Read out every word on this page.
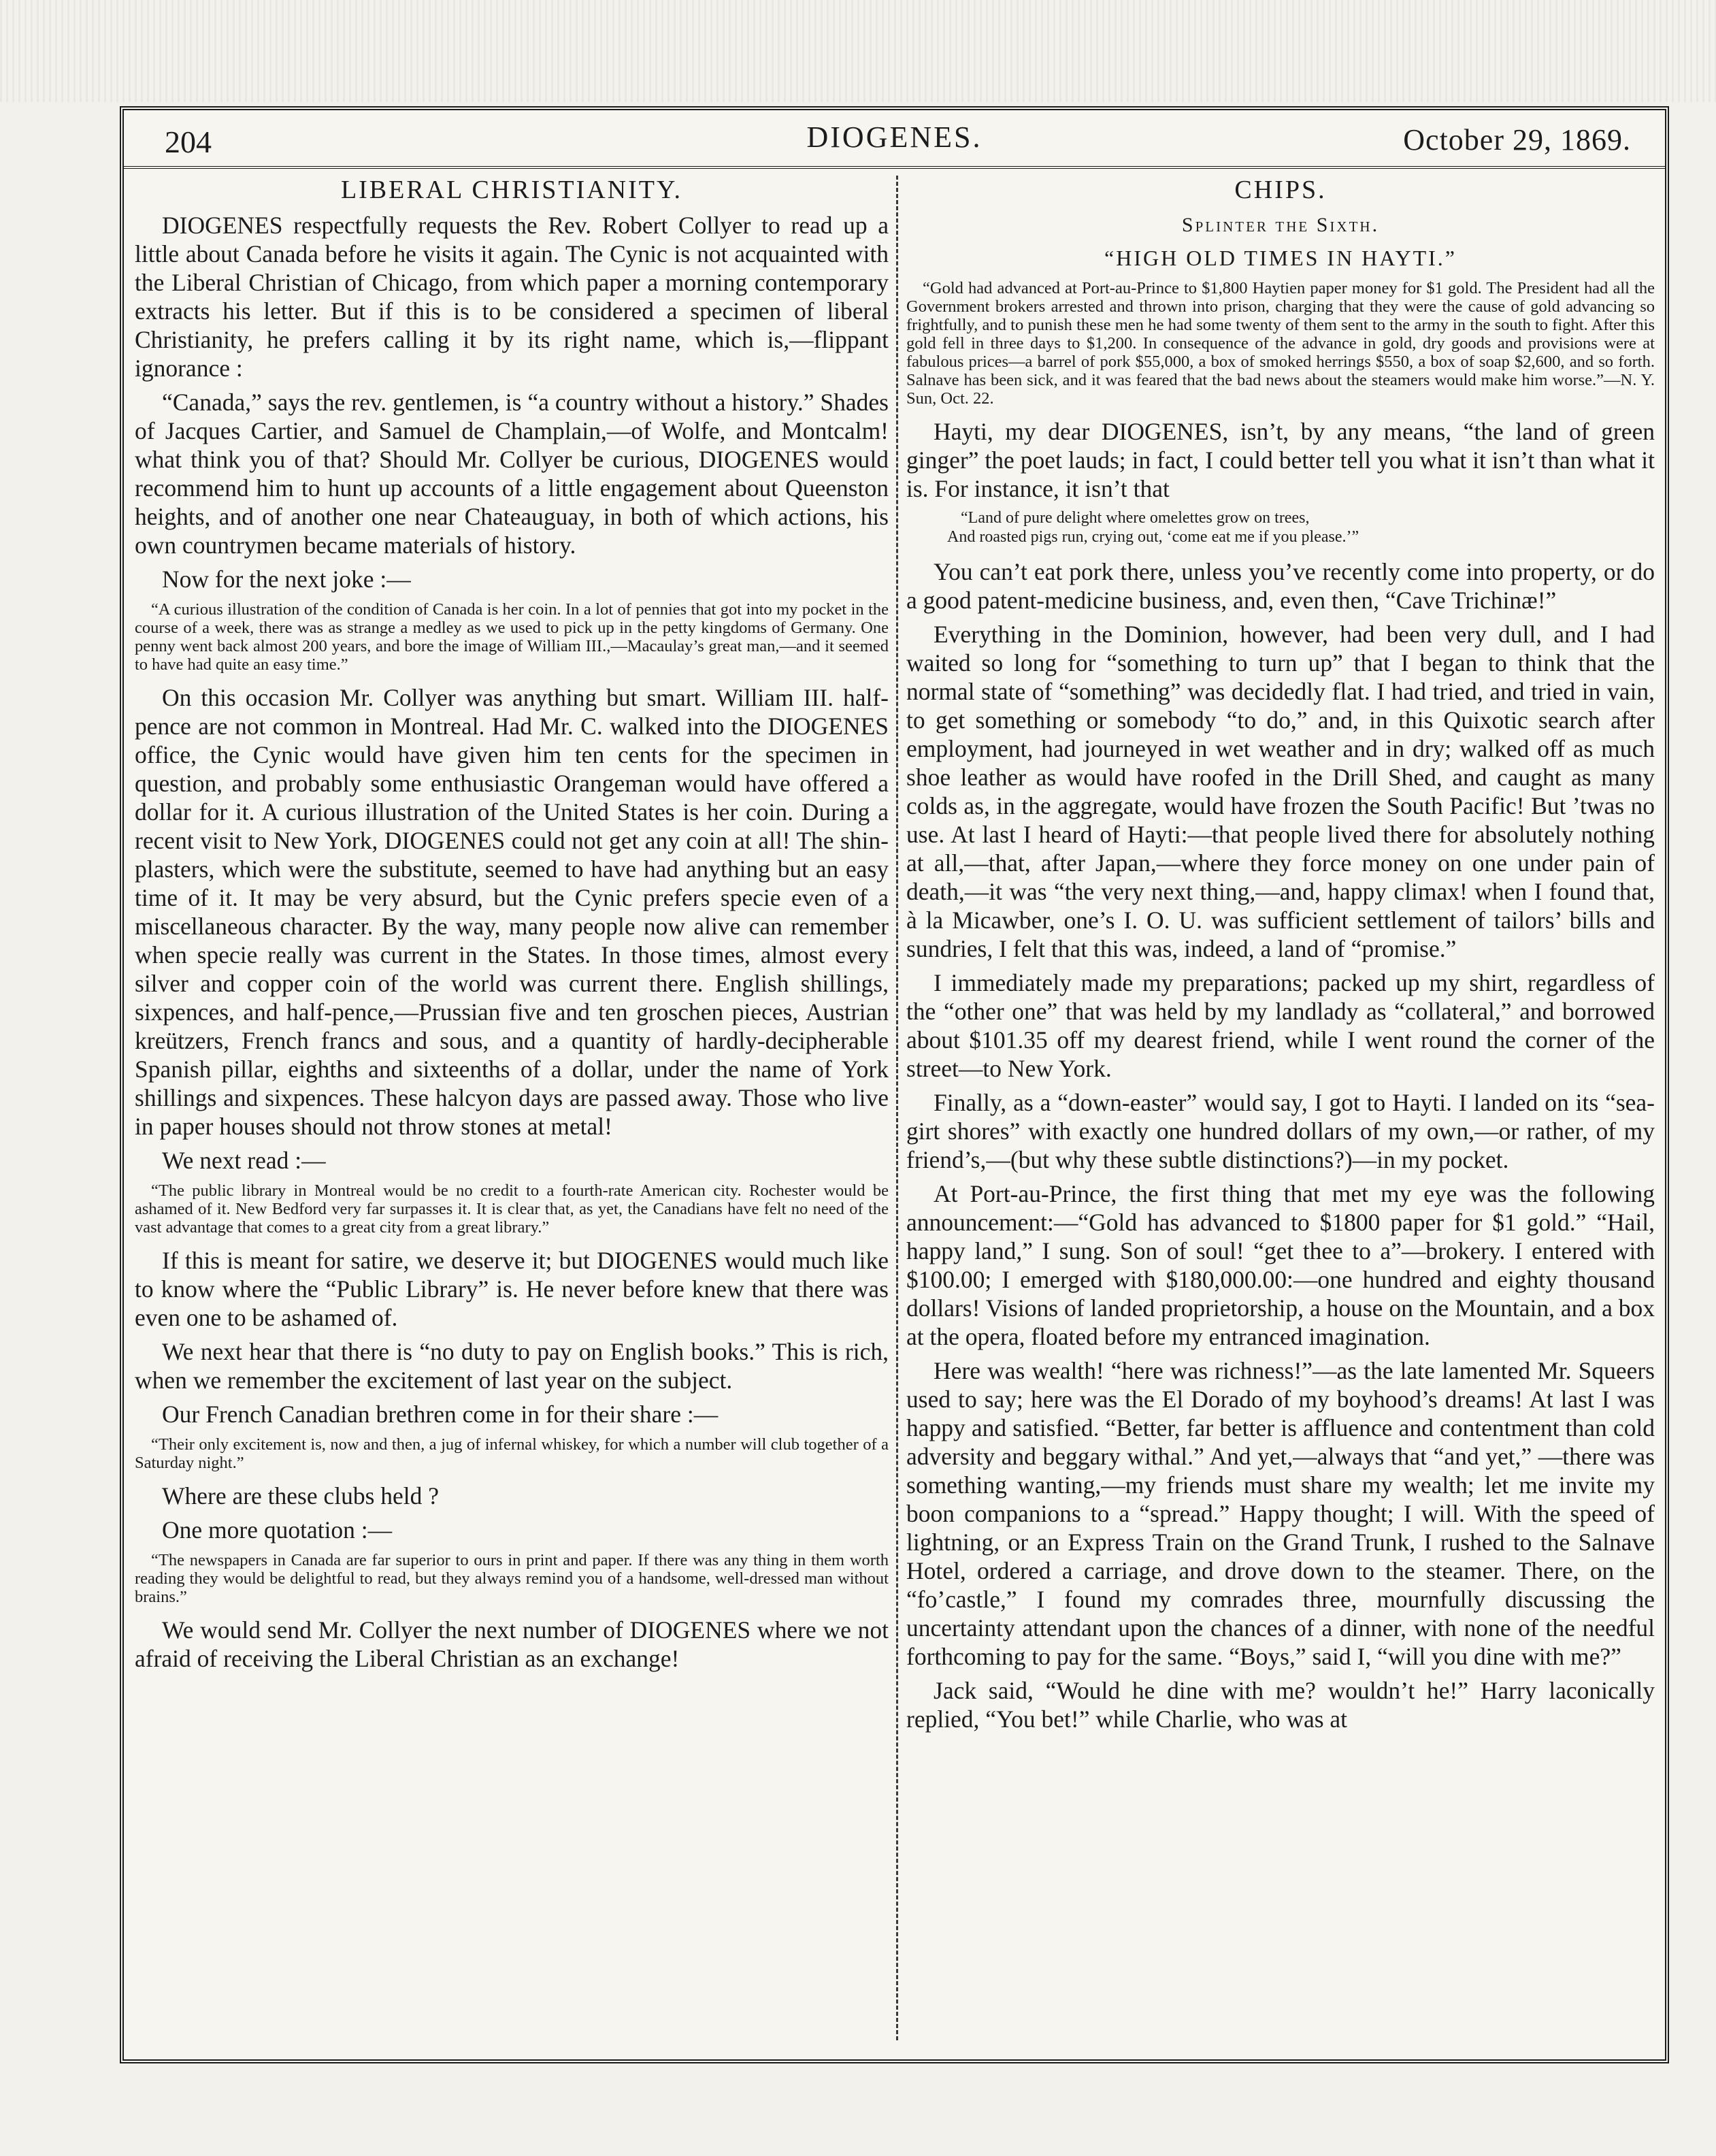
204	DIOGENES.	October 29, 1869.
LIBERAL CHRISTIANITY.

DIOGENES respectfully requests the Rev. Robert Collyer to read up a little about Canada before he visits it again. The Cynic is not acquainted with the Liberal Christian of Chicago, from which paper a morning contemporary extracts his letter. But if this is to be considered a specimen of liberal Christianity, he prefers calling it by its right name, which is,—flippant ignorance :

“Canada,” says the rev. gentlemen, is “a country without a history.” Shades of Jacques Cartier, and Samuel de Champlain,—of Wolfe, and Montcalm! what think you of that? Should Mr. Collyer be curious, DIOGENES would recommend him to hunt up accounts of a little engagement about Queenston heights, and of another one near Chateauguay, in both of which actions, his own countrymen became materials of history.

Now for the next joke :—

“A curious illustration of the condition of Canada is her coin. In a lot of pennies that got into my pocket in the course of a week, there was as strange a medley as we used to pick up in the petty kingdoms of Germany. One penny went back almost 200 years, and bore the image of William III.,—Macaulay’s great man,—and it seemed to have had quite an easy time.”

On this occasion Mr. Collyer was anything but smart. William III. half-pence are not common in Montreal. Had Mr. C. walked into the DIOGENES office, the Cynic would have given him ten cents for the specimen in question, and probably some enthusiastic Orangeman would have offered a dollar for it. A curious illustration of the United States is her coin. During a recent visit to New York, DIOGENES could not get any coin at all! The shin-plasters, which were the substitute, seemed to have had anything but an easy time of it. It may be very absurd, but the Cynic prefers specie even of a miscellaneous character. By the way, many people now alive can remember when specie really was current in the States. In those times, almost every silver and copper coin of the world was current there. English shillings, sixpences, and half-pence,—Prussian five and ten groschen pieces, Austrian kreützers, French francs and sous, and a quantity of hardly-decipherable Spanish pillar, eighths and sixteenths of a dollar, under the name of York shillings and sixpences. These halcyon days are passed away. Those who live in paper houses should not throw stones at metal!

We next read :—

“The public library in Montreal would be no credit to a fourth-rate American city. Rochester would be ashamed of it. New Bedford very far surpasses it. It is clear that, as yet, the Canadians have felt no need of the vast advantage that comes to a great city from a great library.”

If this is meant for satire, we deserve it; but DIOGENES would much like to know where the “Public Library” is. He never before knew that there was even one to be ashamed of.

We next hear that there is “no duty to pay on English books.” This is rich, when we remember the excitement of last year on the subject.

Our French Canadian brethren come in for their share :—

“Their only excitement is, now and then, a jug of infernal whiskey, for which a number will club together of a Saturday night.”

Where are these clubs held ?

One more quotation :—

“The newspapers in Canada are far superior to ours in print and paper. If there was any thing in them worth reading they would be delightful to read, but they always remind you of a handsome, well-dressed man without brains.”

We would send Mr. Collyer the next number of DIOGENES where we not afraid of receiving the Liberal Christian as an exchange!

CHIPS.
Splinter the Sixth.
“HIGH OLD TIMES IN HAYTI.”
“Gold had advanced at Port-au-Prince to $1,800 Haytien paper money for $1 gold. The President had all the Government brokers arrested and thrown into prison, charging that they were the cause of gold advancing so frightfully, and to punish these men he had some twenty of them sent to the army in the south to fight. After this gold fell in three days to $1,200. In consequence of the advance in gold, dry goods and provisions were at fabulous prices—a barrel of pork $55,000, a box of smoked herrings $550, a box of soap $2,600, and so forth. Salnave has been sick, and it was feared that the bad news about the steamers would make him worse.”—N. Y. Sun, Oct. 22.

Hayti, my dear DIOGENES, isn’t, by any means, “the land of green ginger” the poet lauds; in fact, I could better tell you what it isn’t than what it is. For instance, it isn’t that

“Land of pure delight where omelettes grow on trees,
And roasted pigs run, crying out, ‘come eat me if you please.’”

You can’t eat pork there, unless you’ve recently come into property, or do a good patent-medicine business, and, even then, “Cave Trichinæ!”

Everything in the Dominion, however, had been very dull, and I had waited so long for “something to turn up” that I began to think that the normal state of “something” was decidedly flat. I had tried, and tried in vain, to get something or somebody “to do,” and, in this Quixotic search after employment, had journeyed in wet weather and in dry; walked off as much shoe leather as would have roofed in the Drill Shed, and caught as many colds as, in the aggregate, would have frozen the South Pacific! But ’twas no use. At last I heard of Hayti:—that people lived there for absolutely nothing at all,—that, after Japan,—where they force money on one under pain of death,—it was “the very next thing,—and, happy climax! when I found that, à la Micawber, one’s I. O. U. was sufficient settlement of tailors’ bills and sundries, I felt that this was, indeed, a land of “promise.”

I immediately made my preparations; packed up my shirt, regardless of the “other one” that was held by my landlady as “collateral,” and borrowed about $101.35 off my dearest friend, while I went round the corner of the street—to New York.

Finally, as a “down-easter” would say, I got to Hayti. I landed on its “sea-girt shores” with exactly one hundred dollars of my own,—or rather, of my friend’s,—(but why these subtle distinctions?)—in my pocket.

At Port-au-Prince, the first thing that met my eye was the following announcement:—“Gold has advanced to $1800 paper for $1 gold.” “Hail, happy land,” I sung. Son of soul! “get thee to a”—brokery. I entered with $100.00; I emerged with $180,000.00:—one hundred and eighty thousand dollars! Visions of landed proprietorship, a house on the Mountain, and a box at the opera, floated before my entranced imagination.

Here was wealth! “here was richness!”—as the late lamented Mr. Squeers used to say; here was the El Dorado of my boyhood’s dreams! At last I was happy and satisfied. “Better, far better is affluence and contentment than cold adversity and beggary withal.” And yet,—always that “and yet,” —there was something wanting,—my friends must share my wealth; let me invite my boon companions to a “spread.” Happy thought; I will. With the speed of lightning, or an Express Train on the Grand Trunk, I rushed to the Salnave Hotel, ordered a carriage, and drove down to the steamer. There, on the “fo’castle,” I found my comrades three, mournfully discussing the uncertainty attendant upon the chances of a dinner, with none of the needful forthcoming to pay for the same. “Boys,” said I, “will you dine with me?”

Jack said, “Would he dine with me? wouldn’t he!” Harry laconically replied, “You bet!” while Charlie, who was at
